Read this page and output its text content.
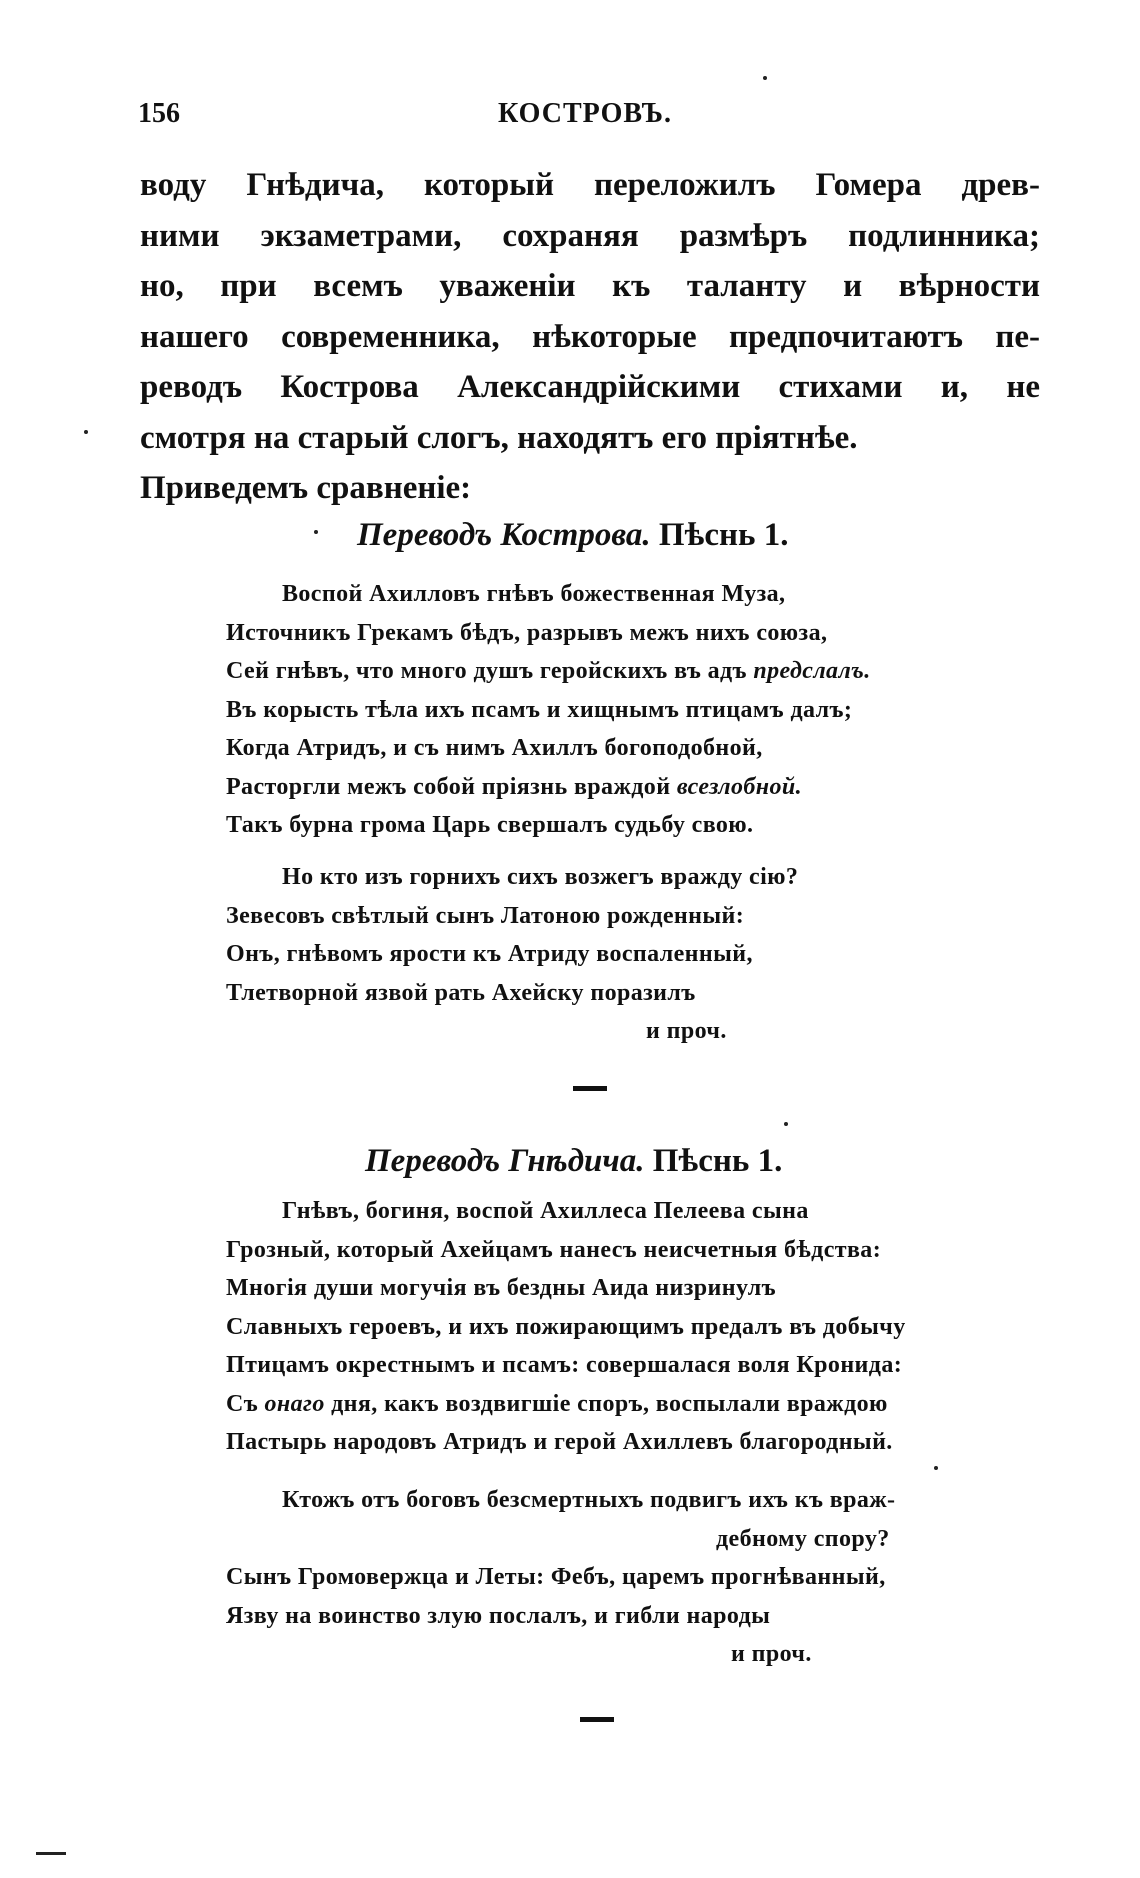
156	КОСТРОВЪ.
воду Гнѣдича, который переложилъ Гомера древ-
ними экзаметрами, сохраняя размѣръ подлинника;
но, при всемъ уваженіи къ таланту и вѣрности
нашего современника, нѣкоторые предпочитаютъ пе-
реводъ Кострова Александрійскими стихами и, не
смотря на старый слогъ, находятъ его пріятнѣе.
Приведемъ сравненіе:
Переводъ Кострова. Пѣснь 1.
Воспой Ахилловъ гнѣвъ божественная Муза,
Источникъ Грекамъ бѣдъ, разрывъ межъ нихъ союза,
Сей гнѣвъ, что много душъ геройскихъ въ адъ предслалъ.
Въ корысть тѣла ихъ псамъ и хищнымъ птицамъ далъ;
Когда Атридъ, и съ нимъ Ахиллъ богоподобной,
Расторгли межъ собой пріязнь враждой всезлобной.
Такъ бурна грома Царь свершалъ судьбу свою.
Но кто изъ горнихъ сихъ возжегъ вражду сію?
Зевесовъ свѣтлый сынъ Латоною рожденный:
Онъ, гнѣвомъ ярости къ Атриду воспаленный,
Тлетворной язвой рать Ахейску поразилъ
и проч.
Переводъ Гнѣдича. Пѣснь 1.
Гнѣвъ, богиня, воспой Ахиллеса Пелеева сына
Грозный, который Ахейцамъ нанесъ неисчетныя бѣдства:
Многія души могучія въ бездны Аида низринулъ
Славныхъ героевъ, и ихъ пожирающимъ предалъ въ добычу
Птицамъ окрестнымъ и псамъ: совершалася воля Кронида:
Съ онаго дня, какъ воздвигшіе споръ, воспылали враждою
Пастырь народовъ Атридъ и герой Ахиллевъ благородный.
Ктожъ отъ боговъ безсмертныхъ подвигъ ихъ къ враж-
дебному спору?
Сынъ Громовержца и Леты: Фебъ, царемъ прогнѣванный,
Язву на воинство злую послалъ, и гибли народы
и проч.
